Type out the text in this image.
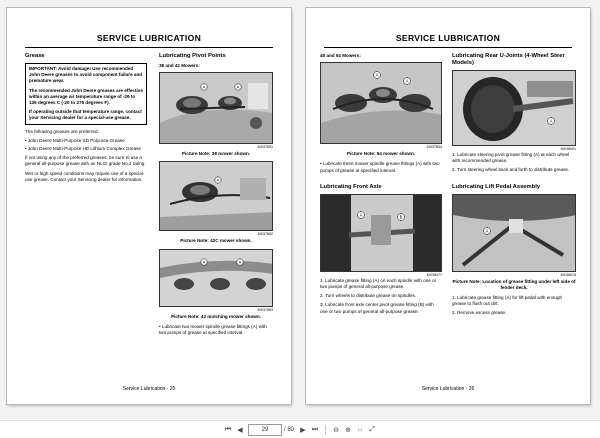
SERVICE LUBRICATION
Grease
IMPORTANT: Avoid damage! Use recommended John Deere greases to avoid component failure and premature wear.
The recommended John Deere greases are effective within an average air temperature range of -29 to 135 degrees C (-20 to 275 degrees F).
If operating outside that temperature range, contact your Servicing dealer for a special-use grease.
The following greases are preferred:
• John Deere Multi-Purpose SD Polyurea Grease
• John Deere Multi-Purpose HD Lithium Complex Grease
If not using any of the preferred greases, be sure to use a general all-purpose grease with an NLGI grade No.2 rating.
Wet or high speed conditions may require use of a special-use grease. Contact your Servicing dealer for information.
Lubricating Pivot Points
38 and 42 Mowers:
A	A
MX37651
Picture Note: 38 mower shown.
A
MX37652
Picture Note: 42C mower shown.
A	A
MX37653
Picture Note: 42 mulching mower shown.
• Lubricate two mower spindle grease fittings (A) with two pumps of grease at specified interval.
Service Lubrication - 25
SERVICE LUBRICATION
48 and 54 Mowers:
A
A
MX37654
Picture Note: 54 mower shown.
• Lubricate three mower spindle grease fittings (A) with two pumps of grease at specified interval.
Lubricating Front Axle
A	B
MX38077
1. Lubricate grease fitting (A) on each spindle with one or two pumps of general all-purpose grease.
2. Turn wheels to distribute grease on spindles.
3. Lubricate front axle center pivot grease fitting (B) with one or two pumps of general all-purpose grease.
Lubricating Rear U-Joints (4-Wheel Steer Models)
A
MX38091
1. Lubricate steering pivot grease fitting (A) at each wheel with recommended grease.
2. Turn steering wheel back and forth to distribute grease.
Lubricating Lift Pedal Assembly
A
MX38078
Picture Note: Location of grease fitting under left side of fender deck.
1. Lubricate grease fitting (A) for lift pedal with enough grease to flush out dirt.
2. Remove excess grease.
Service Lubrication - 26
⏮ ◀	29	/ 80 ▶ ⏭	⊖ ⊕ ↔ ⤢
